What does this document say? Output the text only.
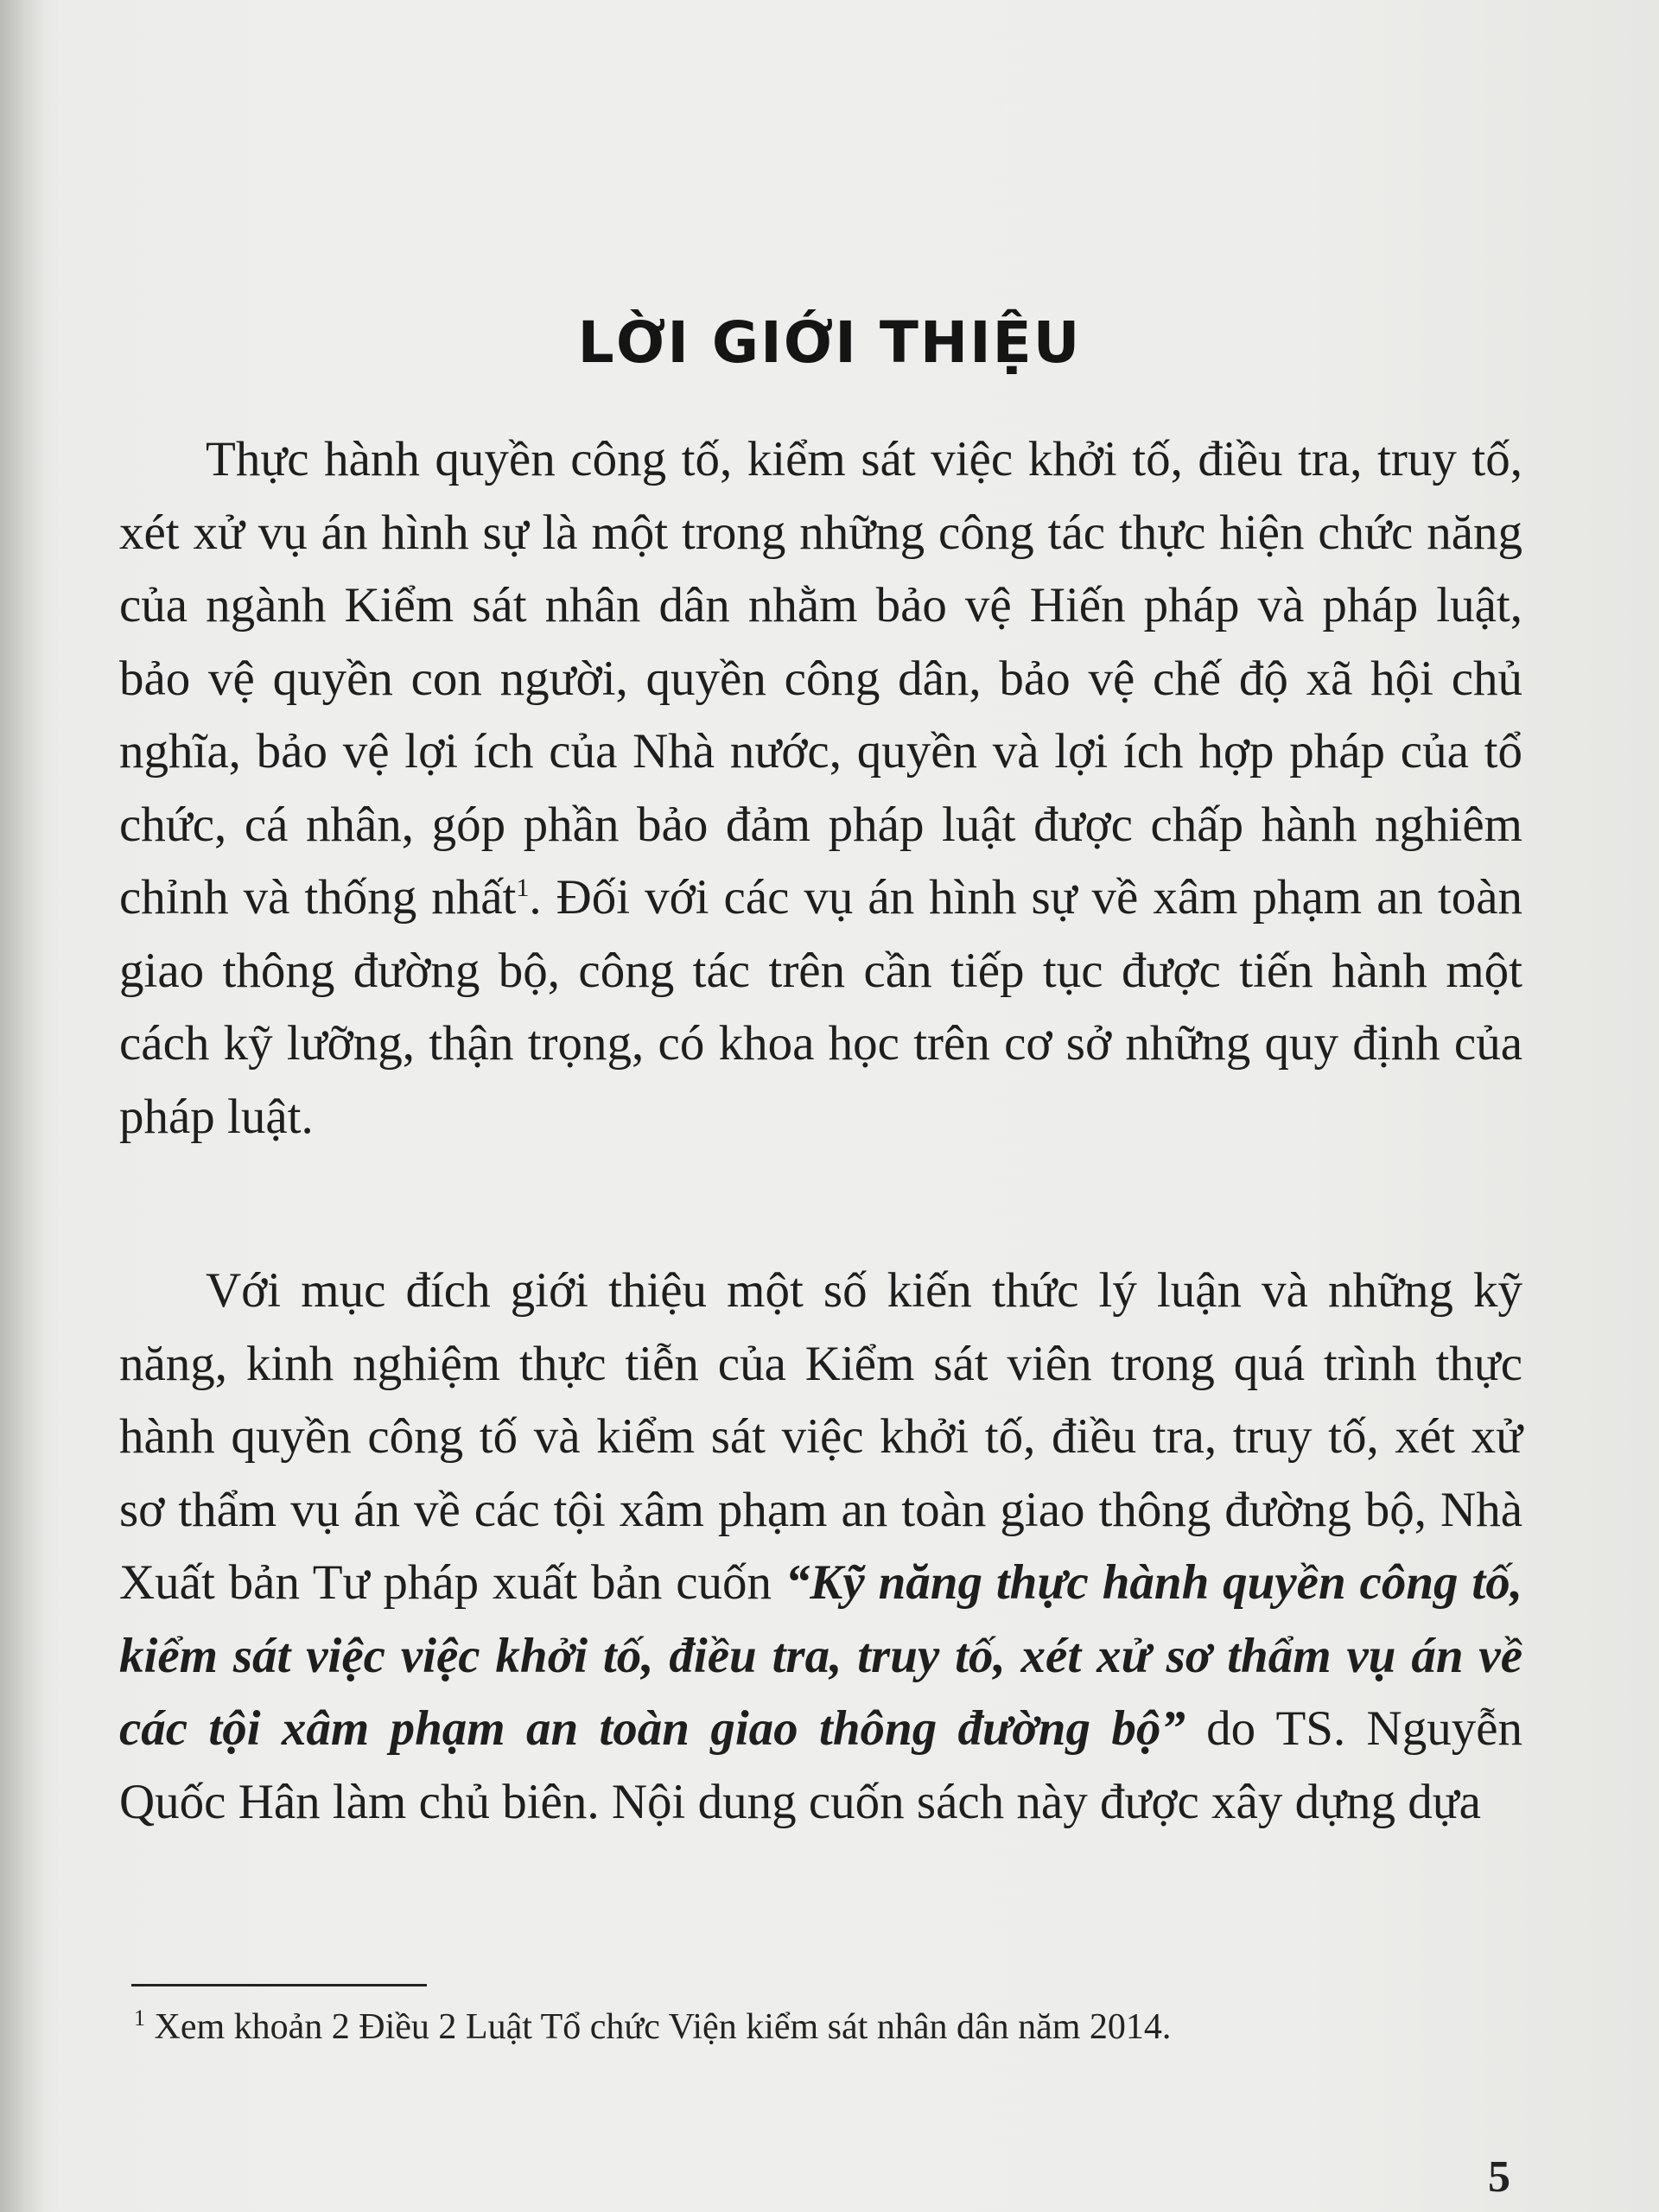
LỜI GIỚI THIỆU

Thực hành quyền công tố, kiểm sát việc khởi tố, điều tra, truy tố, xét xử vụ án hình sự là một trong những công tác thực hiện chức năng của ngành Kiểm sát nhân dân nhằm bảo vệ Hiến pháp và pháp luật, bảo vệ quyền con người, quyền công dân, bảo vệ chế độ xã hội chủ nghĩa, bảo vệ lợi ích của Nhà nước, quyền và lợi ích hợp pháp của tổ chức, cá nhân, góp phần bảo đảm pháp luật được chấp hành nghiêm chỉnh và thống nhất$^1$. Đối với các vụ án hình sự về xâm phạm an toàn giao thông đường bộ, công tác trên cần tiếp tục được tiến hành một cách kỹ lưỡng, thận trọng, có khoa học trên cơ sở những quy định của pháp luật.

Với mục đích giới thiệu một số kiến thức lý luận và những kỹ năng, kinh nghiệm thực tiễn của Kiểm sát viên trong quá trình thực hành quyền công tố và kiểm sát việc khởi tố, điều tra, truy tố, xét xử sơ thẩm vụ án về các tội xâm phạm an toàn giao thông đường bộ, Nhà Xuất bản Tư pháp xuất bản cuốn “Kỹ năng thực hành quyền công tố, kiểm sát việc việc khởi tố, điều tra, truy tố, xét xử sơ thẩm vụ án về các tội xâm phạm an toàn giao thông đường bộ” do TS. Nguyễn Quốc Hân làm chủ biên. Nội dung cuốn sách này được xây dựng dựa

$^1$ Xem khoản 2 Điều 2 Luật Tổ chức Viện kiểm sát nhân dân năm 2014.

5
